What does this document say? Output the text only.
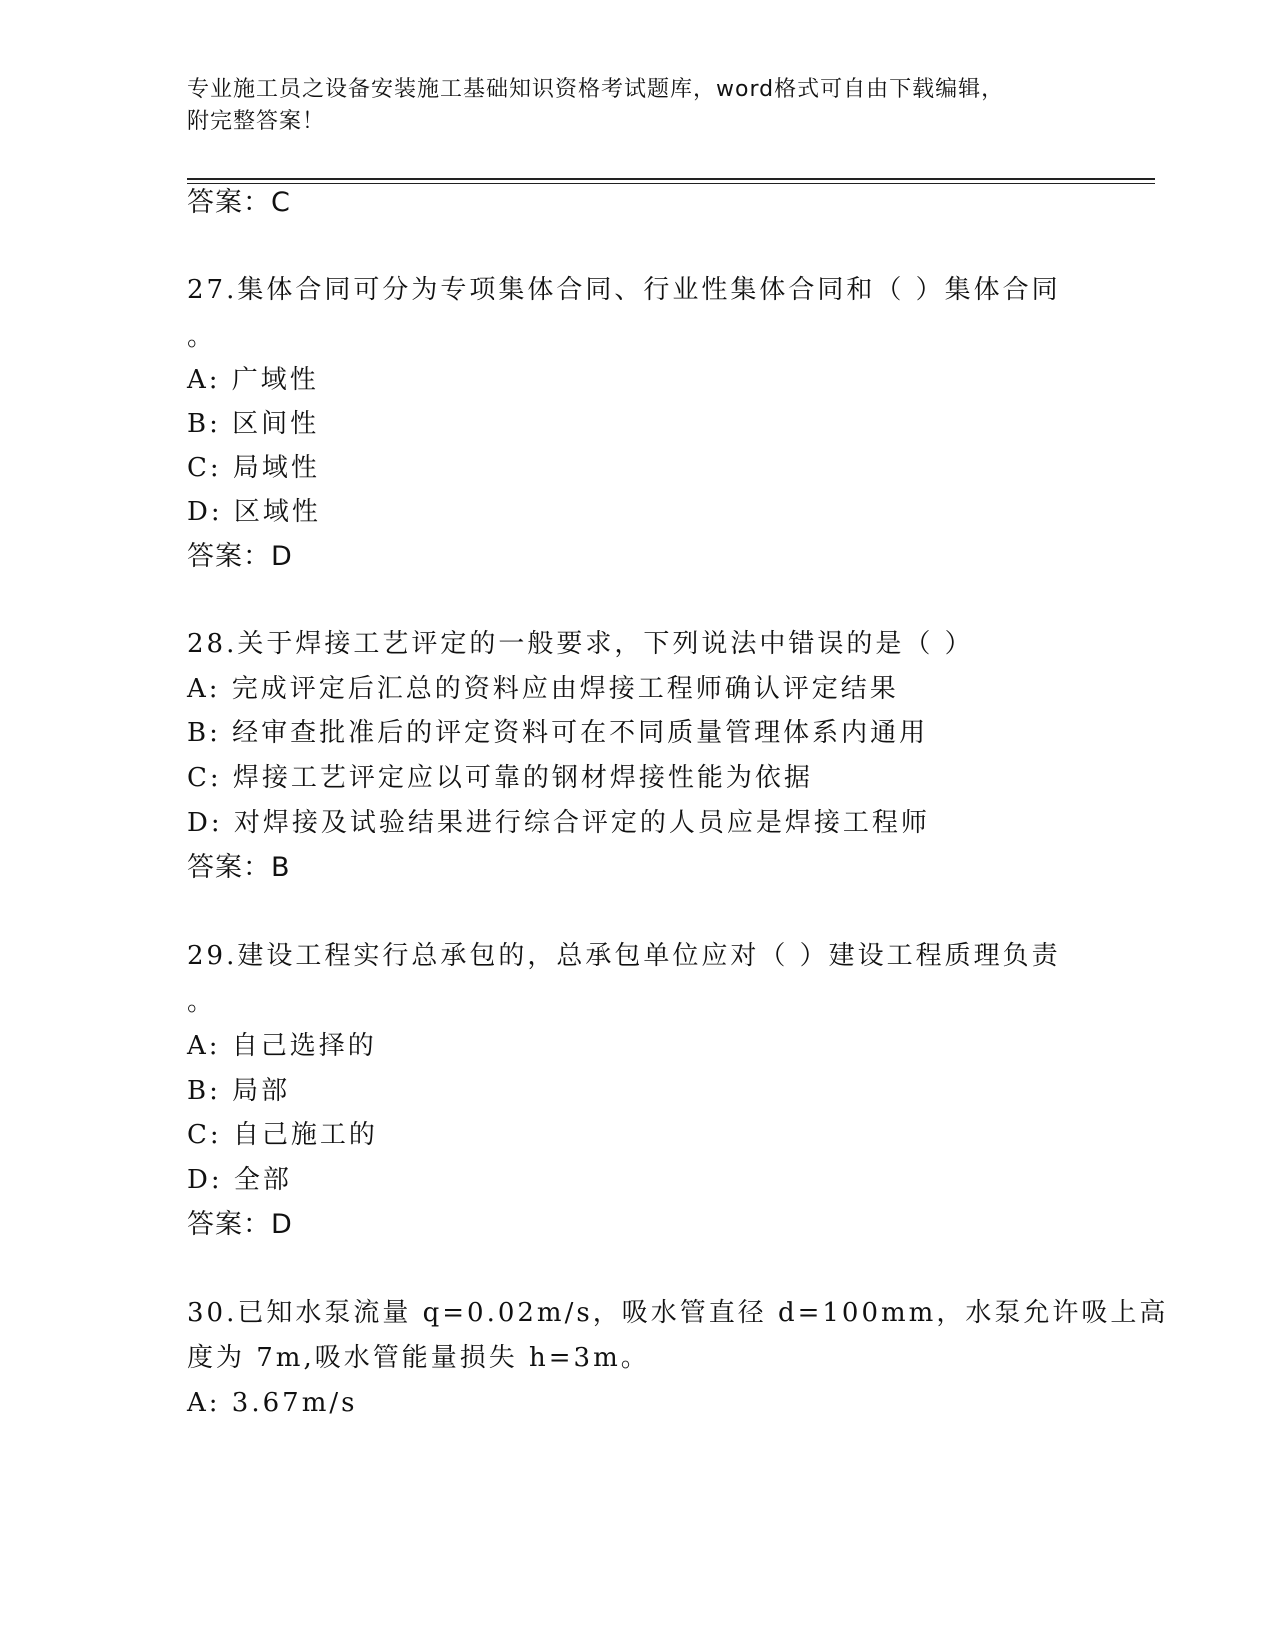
专业施工员之设备安装施工基础知识资格考试题库，word格式可自由下载编辑，
附完整答案！
答案：C
27.集体合同可分为专项集体合同、行业性集体合同和（ ）集体合同
。
A: 广域性
B: 区间性
C: 局域性
D: 区域性
答案：D
28.关于焊接工艺评定的一般要求，下列说法中错误的是（ ）
A: 完成评定后汇总的资料应由焊接工程师确认评定结果
B: 经审查批准后的评定资料可在不同质量管理体系内通用
C: 焊接工艺评定应以可靠的钢材焊接性能为依据
D: 对焊接及试验结果进行综合评定的人员应是焊接工程师
答案：B
29.建设工程实行总承包的，总承包单位应对（ ）建设工程质理负责
。
A: 自己选择的
B: 局部
C: 自己施工的
D: 全部
答案：D
30.已知水泵流量 q=0.02m/s，吸水管直径 d=100mm，水泵允许吸上高
度为 7m,吸水管能量损失 h=3m。
A: 3.67m/s
